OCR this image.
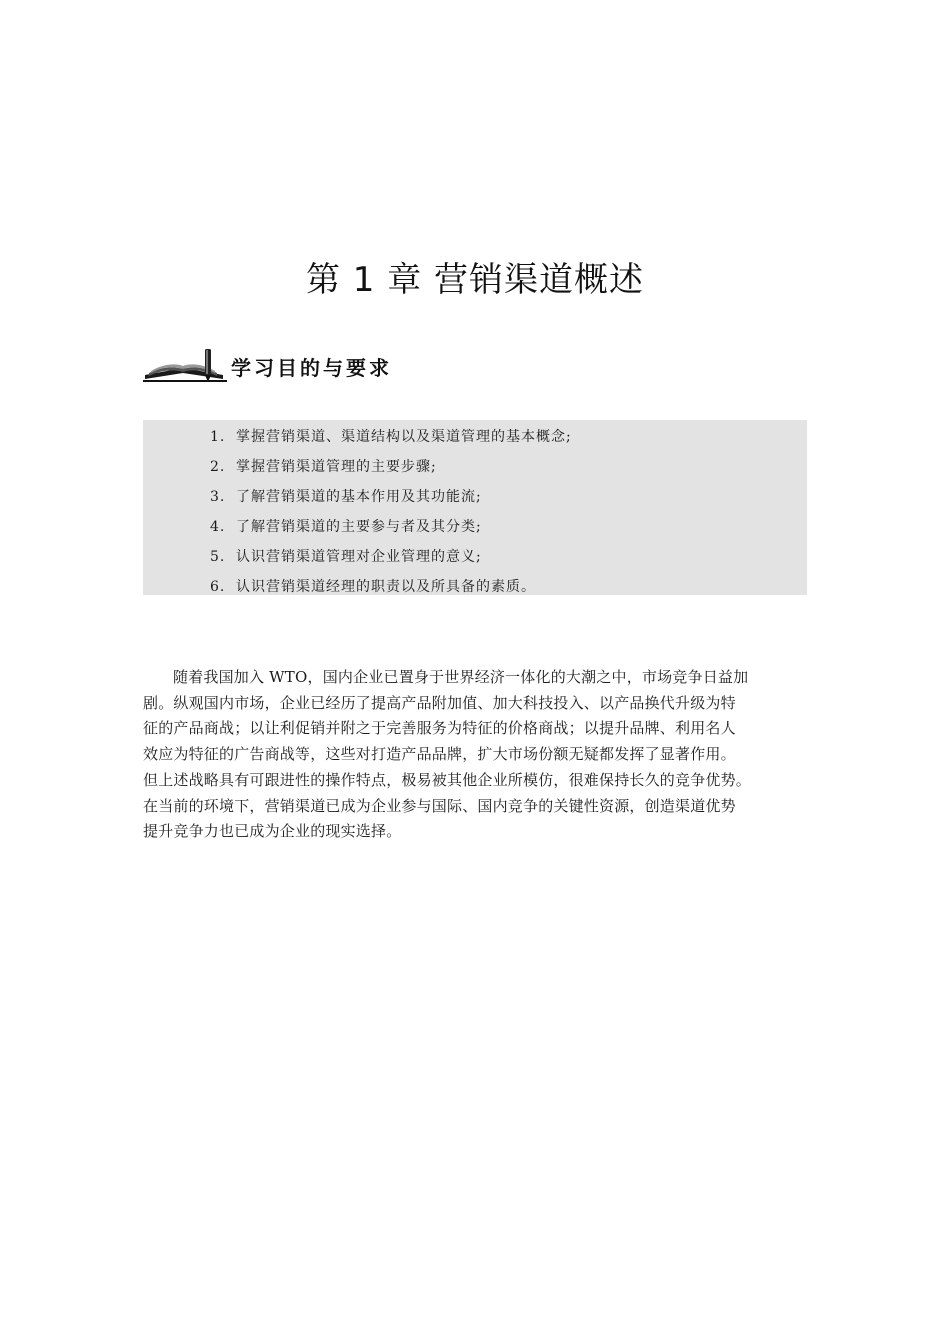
第 1 章 营销渠道概述
学习目的与要求
1. 掌握营销渠道、渠道结构以及渠道管理的基本概念;
2. 掌握营销渠道管理的主要步骤;
3. 了解营销渠道的基本作用及其功能流;
4. 了解营销渠道的主要参与者及其分类;
5. 认识营销渠道管理对企业管理的意义;
6. 认识营销渠道经理的职责以及所具备的素质。

随着我国加入 WTO，国内企业已置身于世界经济一体化的大潮之中，市场竞争日益加
剧。纵观国内市场，企业已经历了提高产品附加值、加大科技投入、以产品换代升级为特
征的产品商战；以让利促销并附之于完善服务为特征的价格商战；以提升品牌、利用名人
效应为特征的广告商战等，这些对打造产品品牌，扩大市场份额无疑都发挥了显著作用。
但上述战略具有可跟进性的操作特点，极易被其他企业所模仿，很难保持长久的竞争优势。
在当前的环境下，营销渠道已成为企业参与国际、国内竞争的关键性资源，创造渠道优势
提升竞争力也已成为企业的现实选择。
